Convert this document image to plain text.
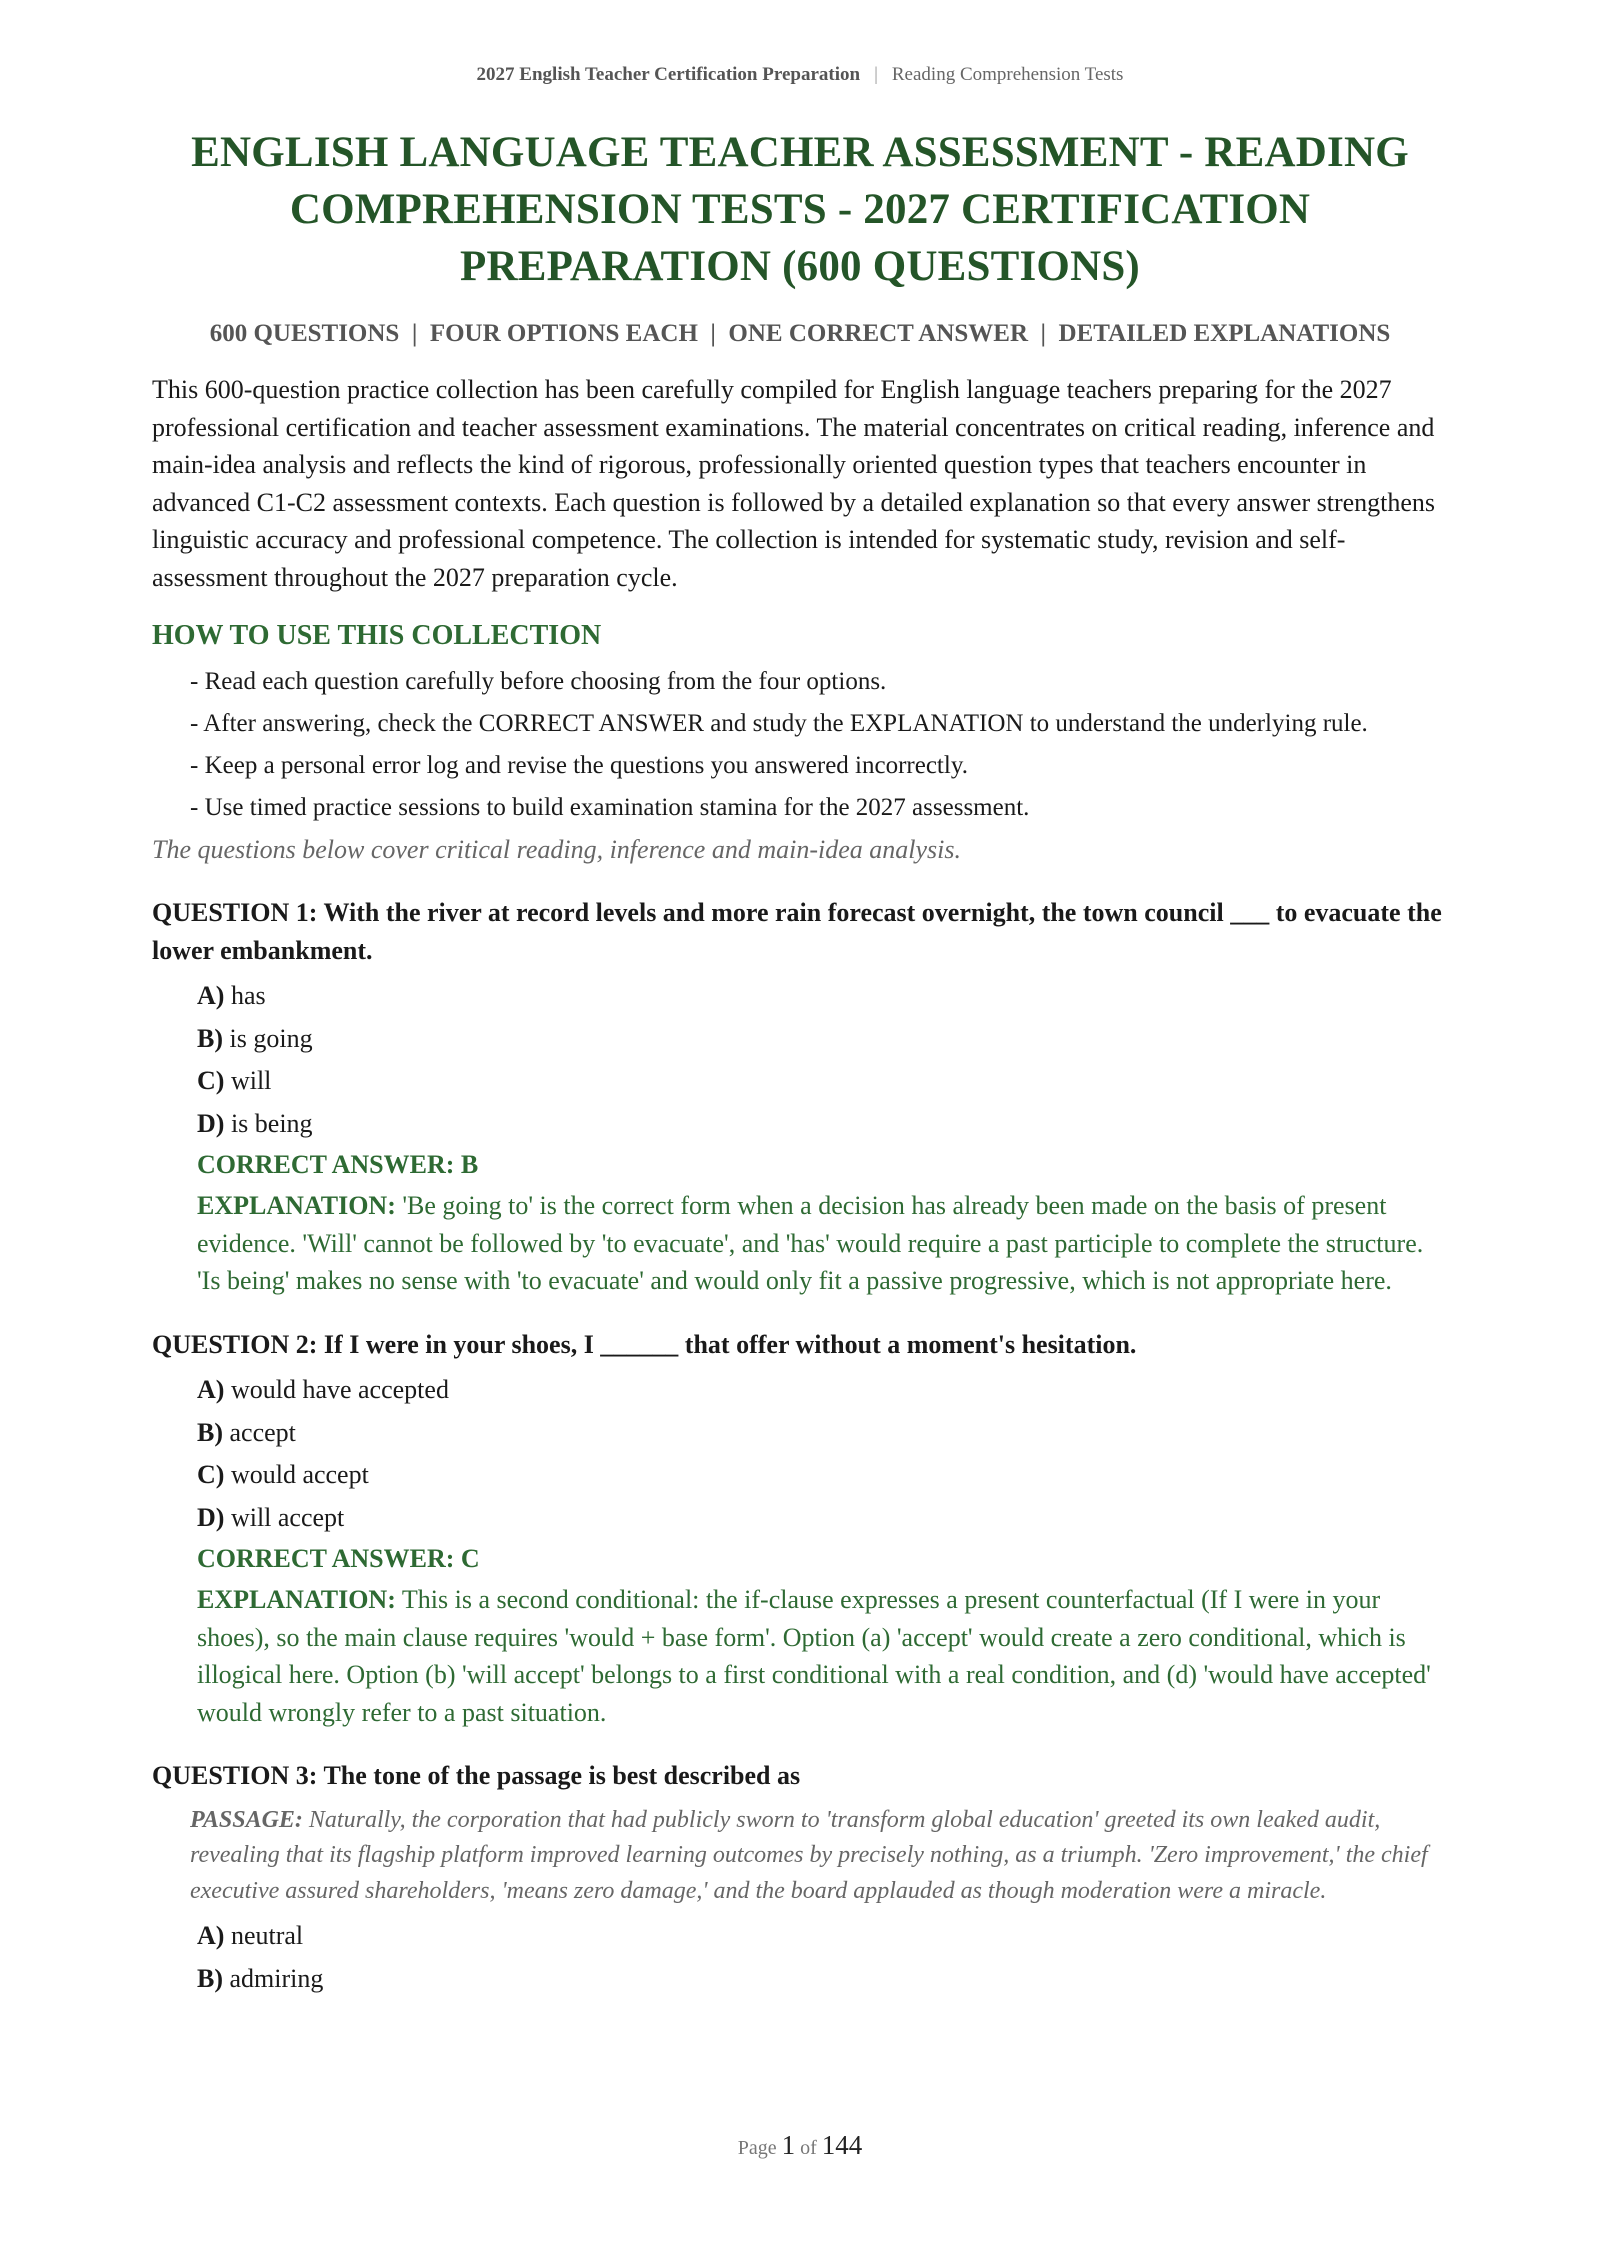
2027 English Teacher Certification Preparation | Reading Comprehension Tests
ENGLISH LANGUAGE TEACHER ASSESSMENT - READING COMPREHENSION TESTS - 2027 CERTIFICATION PREPARATION (600 QUESTIONS)
600 QUESTIONS  |  FOUR OPTIONS EACH  |  ONE CORRECT ANSWER  |  DETAILED EXPLANATIONS

This 600-question practice collection has been carefully compiled for English language teachers preparing for the 2027 professional certification and teacher assessment examinations. The material concentrates on critical reading, inference and main-idea analysis and reflects the kind of rigorous, professionally oriented question types that teachers encounter in advanced C1-C2 assessment contexts. Each question is followed by a detailed explanation so that every answer strengthens linguistic accuracy and professional competence. The collection is intended for systematic study, revision and self-assessment throughout the 2027 preparation cycle.

HOW TO USE THIS COLLECTION
- Read each question carefully before choosing from the four options.
- After answering, check the CORRECT ANSWER and study the EXPLANATION to understand the underlying rule.
- Keep a personal error log and revise the questions you answered incorrectly.
- Use timed practice sessions to build examination stamina for the 2027 assessment.
The questions below cover critical reading, inference and main-idea analysis.
QUESTION 1: With the river at record levels and more rain forecast overnight, the town council ___ to evacuate the lower embankment.
A) has
B) is going
C) will
D) is being
CORRECT ANSWER: B
EXPLANATION: 'Be going to' is the correct form when a decision has already been made on the basis of present evidence. 'Will' cannot be followed by 'to evacuate', and 'has' would require a past participle to complete the structure. 'Is being' makes no sense with 'to evacuate' and would only fit a passive progressive, which is not appropriate here.
QUESTION 2: If I were in your shoes, I ______ that offer without a moment's hesitation.
A) would have accepted
B) accept
C) would accept
D) will accept
CORRECT ANSWER: C
EXPLANATION: This is a second conditional: the if-clause expresses a present counterfactual (If I were in your shoes), so the main clause requires 'would + base form'. Option (a) 'accept' would create a zero conditional, which is illogical here. Option (b) 'will accept' belongs to a first conditional with a real condition, and (d) 'would have accepted' would wrongly refer to a past situation.
QUESTION 3: The tone of the passage is best described as
PASSAGE: Naturally, the corporation that had publicly sworn to 'transform global education' greeted its own leaked audit, revealing that its flagship platform improved learning outcomes by precisely nothing, as a triumph. 'Zero improvement,' the chief executive assured shareholders, 'means zero damage,' and the board applauded as though moderation were a miracle.
A) neutral
B) admiring
Page 1 of 144
